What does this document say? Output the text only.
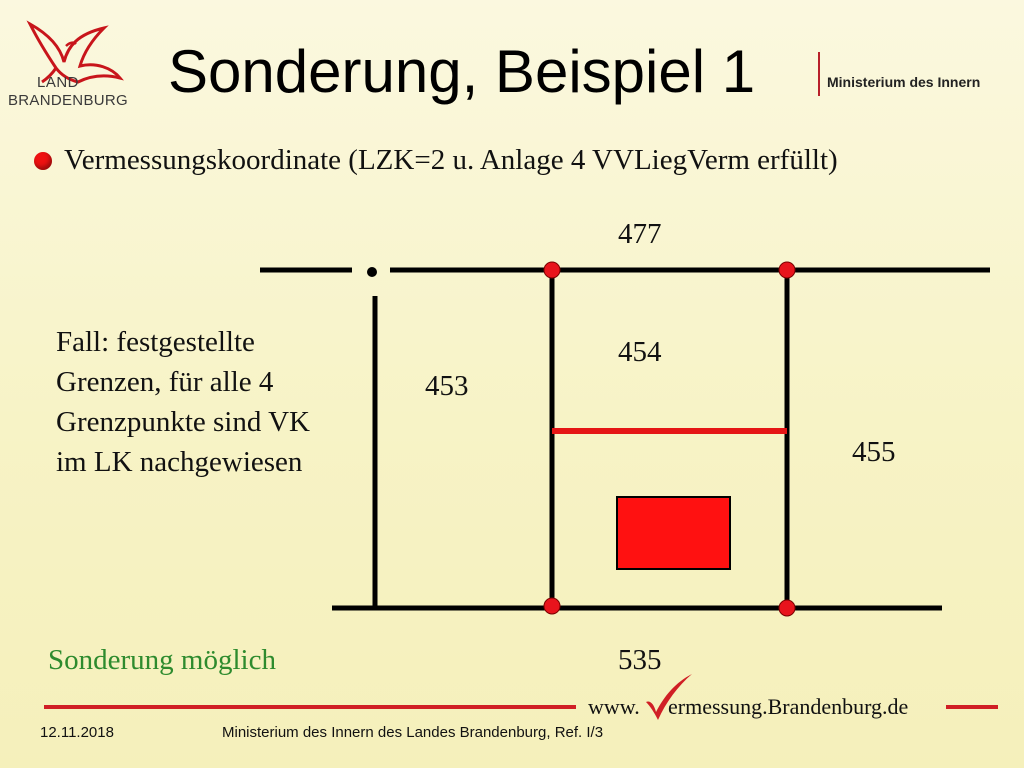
LAND
BRANDENBURG Sonderung, Beispiel 1	Ministerium des Innern
Vermessungskoordinate (LZK=2 u. Anlage 4 VVLiegVerm erfüllt)
477
454
453
455
535
Fall: festgestellte Grenzen, für alle 4 Grenzpunkte sind VK im LK nachgewiesen
Sonderung möglich
www. ermessung.Brandenburg.de
12.11.2018	Ministerium des Innern des Landes Brandenburg, Ref. I/3
